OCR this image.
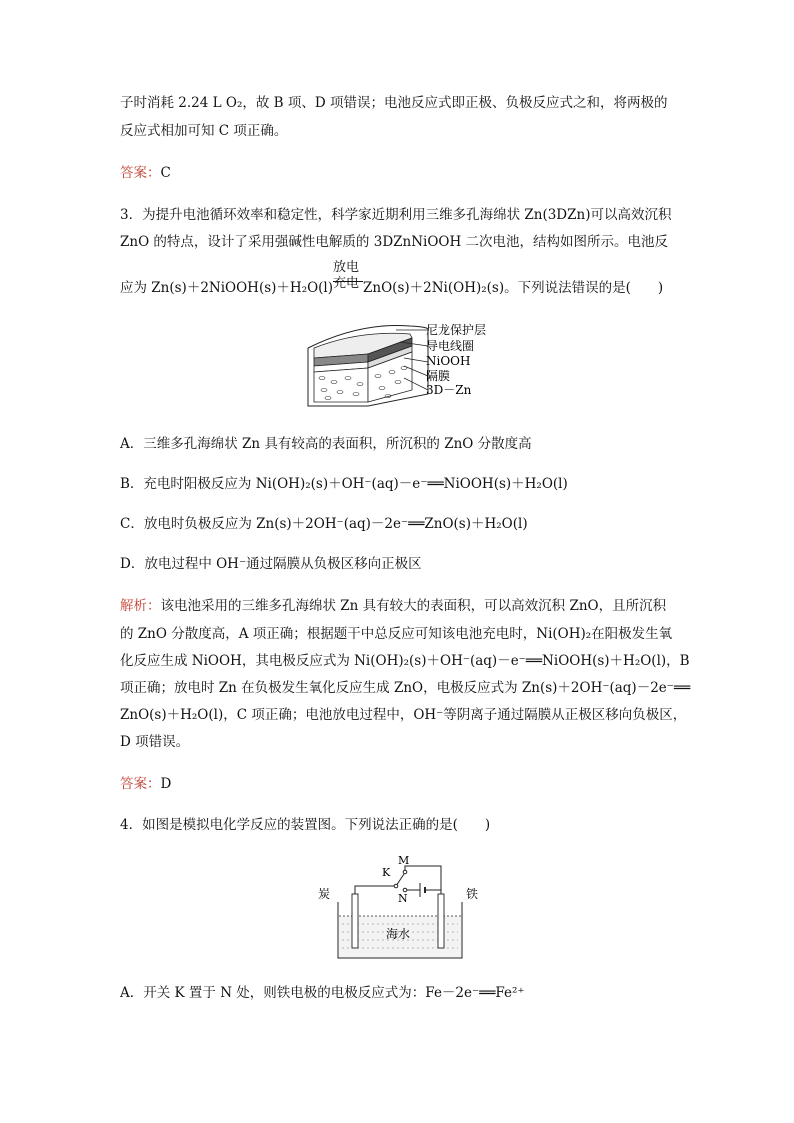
子时消耗 2.24 L O₂，故 B 项、D 项错误；电池反应式即正极、负极反应式之和，将两极的
反应式相加可知 C 项正确。
答案：C
3．为提升电池循环效率和稳定性，科学家近期利用三维多孔海绵状 Zn(3DZn)可以高效沉积
ZnO 的特点，设计了采用强碱性电解质的 3DZnNiOOH 二次电池，结构如图所示。电池反
应为 Zn(s)＋2NiOOH(s)＋H₂O(l)
放电
充电 ZnO(s)＋2Ni(OH)₂(s)。下列说法错误的是(　　)
尼龙保护层
导电线圈
NiOOH
隔膜
3D－Zn
A．三维多孔海绵状 Zn 具有较高的表面积，所沉积的 ZnO 分散度高
B．充电时阳极反应为 Ni(OH)₂(s)＋OH⁻(aq)－e⁻══NiOOH(s)＋H₂O(l)
C．放电时负极反应为 Zn(s)＋2OH⁻(aq)－2e⁻══ZnO(s)＋H₂O(l)
D．放电过程中 OH⁻通过隔膜从负极区移向正极区
解析：该电池采用的三维多孔海绵状 Zn 具有较大的表面积，可以高效沉积 ZnO，且所沉积
的 ZnO 分散度高，A 项正确；根据题干中总反应可知该电池充电时，Ni(OH)₂在阳极发生氧
化反应生成 NiOOH，其电极反应式为 Ni(OH)₂(s)＋OH⁻(aq)－e⁻══NiOOH(s)＋H₂O(l)，B
项正确；放电时 Zn 在负极发生氧化反应生成 ZnO，电极反应式为 Zn(s)＋2OH⁻(aq)－2e⁻══
ZnO(s)＋H₂O(l)，C 项正确；电池放电过程中，OH⁻等阴离子通过隔膜从正极区移向负极区，
D 项错误。
答案：D
4．如图是模拟电化学反应的装置图。下列说法正确的是(　　)
M
K
N
炭	铁
海水
A．开关 K 置于 N 处，则铁电极的电极反应式为：Fe－2e⁻══Fe²⁺
